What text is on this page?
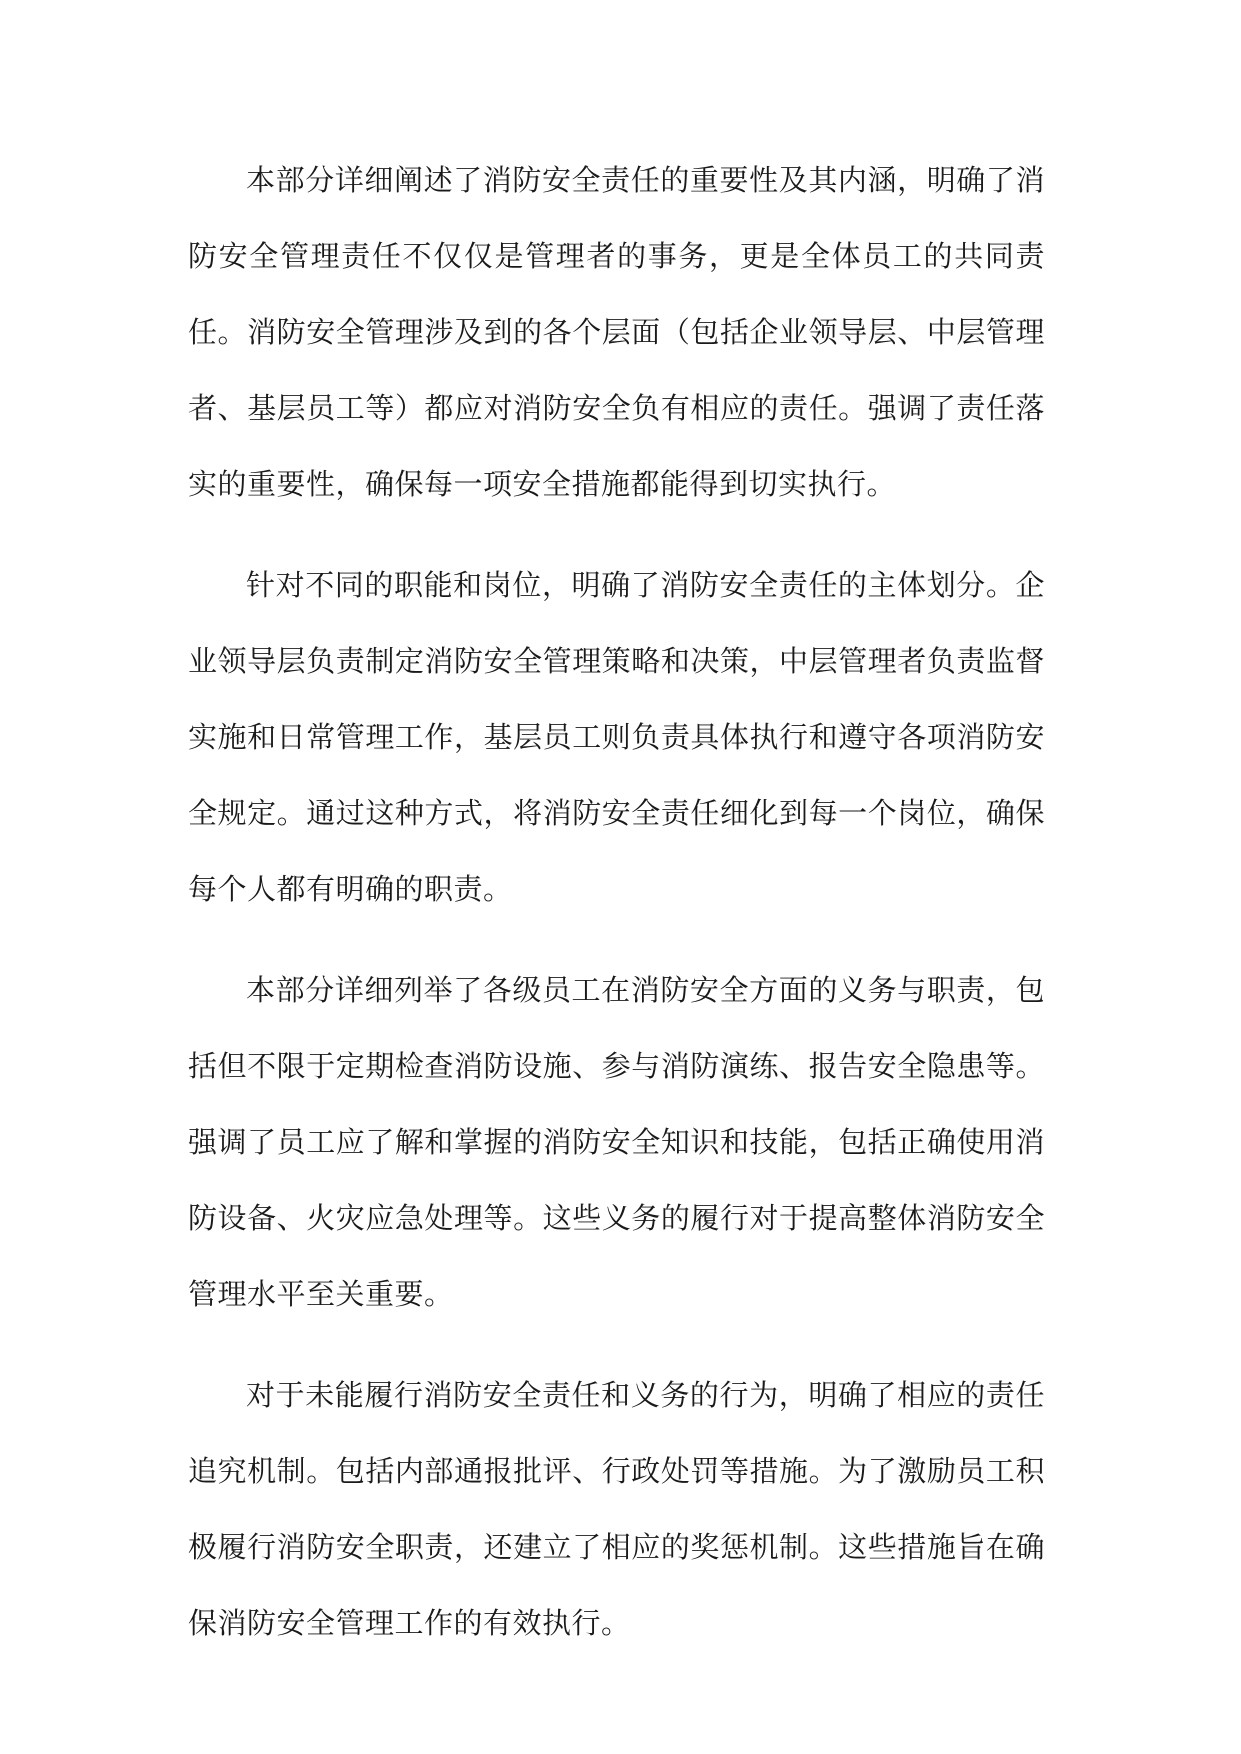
本部分详细阐述了消防安全责任的重要性及其内涵，明确了消防安全管理责任不仅仅是管理者的事务，更是全体员工的共同责任。消防安全管理涉及到的各个层面（包括企业领导层、中层管理者、基层员工等）都应对消防安全负有相应的责任。强调了责任落实的重要性，确保每一项安全措施都能得到切实执行。

针对不同的职能和岗位，明确了消防安全责任的主体划分。企业领导层负责制定消防安全管理策略和决策，中层管理者负责监督实施和日常管理工作，基层员工则负责具体执行和遵守各项消防安全规定。通过这种方式，将消防安全责任细化到每一个岗位，确保每个人都有明确的职责。

本部分详细列举了各级员工在消防安全方面的义务与职责，包括但不限于定期检查消防设施、参与消防演练、报告安全隐患等。强调了员工应了解和掌握的消防安全知识和技能，包括正确使用消防设备、火灾应急处理等。这些义务的履行对于提高整体消防安全管理水平至关重要。

对于未能履行消防安全责任和义务的行为，明确了相应的责任追究机制。包括内部通报批评、行政处罚等措施。为了激励员工积极履行消防安全职责，还建立了相应的奖惩机制。这些措施旨在确保消防安全管理工作的有效执行。
